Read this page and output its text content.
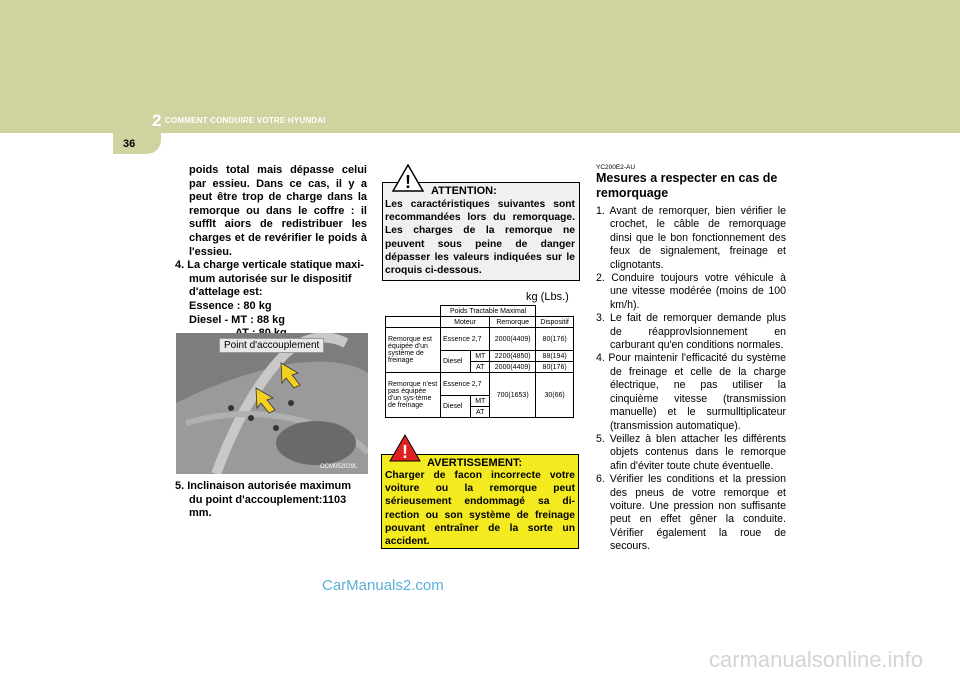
2 COMMENT CONDUIRE VOTRE HYUNDAI
36
poids total mais dépasse celui par essieu. Dans ce cas, il y a peut être trop de charge dans la remorque ou dans le coffre : il sufflt aiors de redistribuer les charges et de revérifier le poids à l'essieu.
4. La charge verticale statique maxi-mum autorisée sur le dispositif d'attelage est:
Essence : 80 kg
Diesel - MT : 88 kg
Point d'accouplement
OCM052029L
5. Inclinaison autorisée maximum du point d'accouplement:1103 mm.
! ATTENTION:
Les caractéristiques suivantes sont recommandées lors du remorquage. Les charges de la remorque ne peuvent sous peine de danger dépasser les valeurs indiquées sur le croquis ci-dessous.
kg (Lbs.)
	Poids Tractable Maximal			
	Moteur		Remorque	Dispositif
Remorque est équipée d'un système de freinage	Essence 2,7		2000(4409)	80(176)
	Diesel	MT	2200(4850)	88(194)
		AT	2000(4409)	80(176)
Remorque n'est pas équipée d'un sys-tème de freinage	Essence 2,7		700(1653)	30(66)
	Diesel	MT		
		AT		
!
AVERTISSEMENT:
Charger de facon incorrecte votre voiture ou la remorque peut sérieusement endommagé sa di-rection ou son système de freinage pouvant entraîner de la sorte un accident.
YC200E2-AU
Mesures a respecter en cas de remorquage

1. Avant de remorquer, bien vérifier le crochet, le câble de remorquage dinsi que le bon fonctionnement des feux de signalement, freinage et clignotants.

2. Conduire toujours votre véhicule à une vitesse modérée (moins de 100 km/h).

3. Le fait de remorquer demande plus de réapprovlsionnement en carburant qu'en conditions normales.

4. Pour maintenir l'efficacité du système de freinage et celle de la charge électrique, ne pas utiliser la cinquième vitesse (transmission manuelle) et le surmulltiplicateur (transmission automatique).

5. Veillez à blen attacher les différents objets contenus dans le remorque afin d'éviter toute chute éventuelle.

6. Vérifier les conditions et la pression des pneus de votre remorque et voiture. Une pression non suffisante peut en effet gêner la conduite. Vérifier également la roue de secours.

CarManuals2.com
carmanualsonline.info
